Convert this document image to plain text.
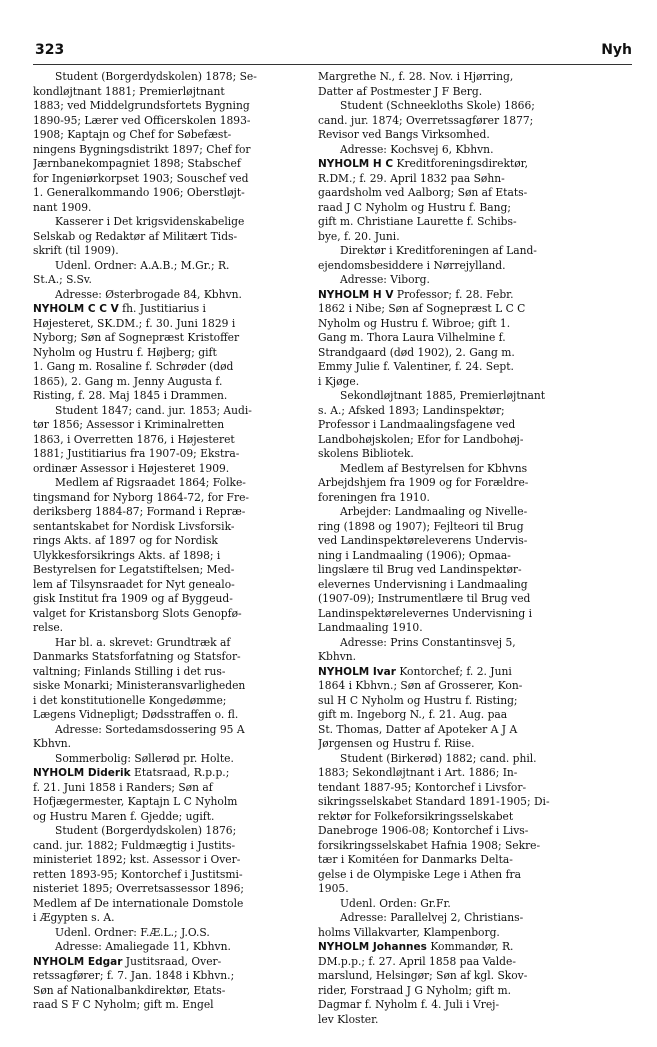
323	Nyh
Student (Borgerdydskolen) 1878; Se-
kondløjtnant 1881; Premierløjtnant
1883; ved Middelgrundsfortets Bygning
1890-95; Lærer ved Officerskolen 1893-
1908; Kaptajn og Chef for Søbefæst-
ningens Bygningsdistrikt 1897; Chef for
Jærnbanekompagniet 1898; Stabschef
for Ingeniørkorpset 1903; Souschef ved
1. Generalkommando 1906; Oberstløjt-
nant 1909.
Kasserer i Det krigsvidenskabelige
Selskab og Redaktør af Militært Tids-
skrift (til 1909).
Udenl. Ordner: A.A.B.; M.Gr.; R.
St.A.; S.Sv.
Adresse: Østerbrogade 84, Kbhvn.
NYHOLM C C V fh. Justitiarius i
Højesteret, SK.DM.; f. 30. Juni 1829 i
Nyborg; Søn af Sognepræst Kristoffer
Nyholm og Hustru f. Højberg; gift
1. Gang m. Rosaline f. Schrøder (død
1865), 2. Gang m. Jenny Augusta f.
Risting, f. 28. Maj 1845 i Drammen.
Student 1847; cand. jur. 1853; Audi-
tør 1856; Assessor i Kriminalretten
1863, i Overretten 1876, i Højesteret
1881; Justitiarius fra 1907-09; Ekstra-
ordinær Assessor i Højesteret 1909.
Medlem af Rigsraadet 1864; Folke-
tingsmand for Nyborg 1864-72, for Fre-
deriksberg 1884-87; Formand i Repræ-
sentantskabet for Nordisk Livsforsik-
rings Akts. af 1897 og for Nordisk
Ulykkesforsikrings Akts. af 1898; i
Bestyrelsen for Legatstiftelsen; Med-
lem af Tilsynsraadet for Nyt genealo-
gisk Institut fra 1909 og af Byggeud-
valget for Kristansborg Slots Genopfø-
relse.
Har bl. a. skrevet: Grundtræk af
Danmarks Statsforfatning og Statsfor-
valtning; Finlands Stilling i det rus-
siske Monarki; Ministeransvarligheden
i det konstitutionelle Kongedømme;
Lægens Vidnepligt; Dødsstraffen o. fl.
Adresse: Sortedamsdossering 95 A
Kbhvn.
Sommerbolig: Søllerød pr. Holte.
NYHOLM Diderik Etatsraad, R.p.p.;
f. 21. Juni 1858 i Randers; Søn af
Hofjægermester, Kaptajn L C Nyholm
og Hustru Maren f. Gjedde; ugift.
Student (Borgerdydskolen) 1876;
cand. jur. 1882; Fuldmægtig i Justits-
ministeriet 1892; kst. Assessor i Over-
retten 1893-95; Kontorchef i Justitsmi-
nisteriet 1895; Overretsassessor 1896;
Medlem af De internationale Domstole
i Ægypten s. A.
Udenl. Ordner: F.Æ.L.; J.O.S.
Adresse: Amaliegade 11, Kbhvn.
NYHOLM Edgar Justitsraad, Over-
retssagfører; f. 7. Jan. 1848 i Kbhvn.;
Søn af Nationalbankdirektør, Etats-
raad S F C Nyholm; gift m. Engel
Margrethe N., f. 28. Nov. i Hjørring,
Datter af Postmester J F Berg.
Student (Schneekloths Skole) 1866;
cand. jur. 1874; Overretssagfører 1877;
Revisor ved Bangs Virksomhed.
Adresse: Kochsvej 6, Kbhvn.
NYHOLM H C Kreditforeningsdirektør,
R.DM.; f. 29. April 1832 paa Søhn-
gaardsholm ved Aalborg; Søn af Etats-
raad J C Nyholm og Hustru f. Bang;
gift m. Christiane Laurette f. Schibs-
bye, f. 20. Juni.
Direktør i Kreditforeningen af Land-
ejendomsbesiddere i Nørrejylland.
Adresse: Viborg.
NYHOLM H V Professor; f. 28. Febr.
1862 i Nibe; Søn af Sognepræst L C C
Nyholm og Hustru f. Wibroe; gift 1.
Gang m. Thora Laura Vilhelmine f.
Strandgaard (død 1902), 2. Gang m.
Emmy Julie f. Valentiner, f. 24. Sept.
i Kjøge.
Sekondløjtnant 1885, Premierløjtnant
s. A.; Afsked 1893; Landinspektør;
Professor i Landmaalingsfagene ved
Landbohøjskolen; Efor for Landbohøj-
skolens Bibliotek.
Medlem af Bestyrelsen for Kbhvns
Arbejdshjem fra 1909 og for Forældre-
foreningen fra 1910.
Arbejder: Landmaaling og Nivelle-
ring (1898 og 1907); Fejlteori til Brug
ved Landinspektøreleverens Undervis-
ning i Landmaaling (1906); Opmaa-
lingslære til Brug ved Landinspektør-
elevernes Undervisning i Landmaaling
(1907-09); Instrumentlære til Brug ved
Landinspektørelevernes Undervisning i
Landmaaling 1910.
Adresse: Prins Constantinsvej 5,
Kbhvn.
NYHOLM Ivar Kontorchef; f. 2. Juni
1864 i Kbhvn.; Søn af Grosserer, Kon-
sul H C Nyholm og Hustru f. Risting;
gift m. Ingeborg N., f. 21. Aug. paa
St. Thomas, Datter af Apoteker A J A
Jørgensen og Hustru f. Riise.
Student (Birkerød) 1882; cand. phil.
1883; Sekondløjtnant i Art. 1886; In-
tendant 1887-95; Kontorchef i Livsfor-
sikringsselskabet Standard 1891-1905; Di-
rektør for Folkeforsikringsselskabet
Danebroge 1906-08; Kontorchef i Livs-
forsikringsselskabet Hafnia 1908; Sekre-
tær i Komitéen for Danmarks Delta-
gelse i de Olympiske Lege i Athen fra
1905.
Udenl. Orden: Gr.Fr.
Adresse: Parallelvej 2, Christians-
holms Villakvarter, Klampenborg.
NYHOLM Johannes Kommandør, R.
DM.p.p.; f. 27. April 1858 paa Valde-
marslund, Helsingør; Søn af kgl. Skov-
rider, Forstraad J G Nyholm; gift m.
Dagmar f. Nyholm f. 4. Juli i Vrej-
lev Kloster.
